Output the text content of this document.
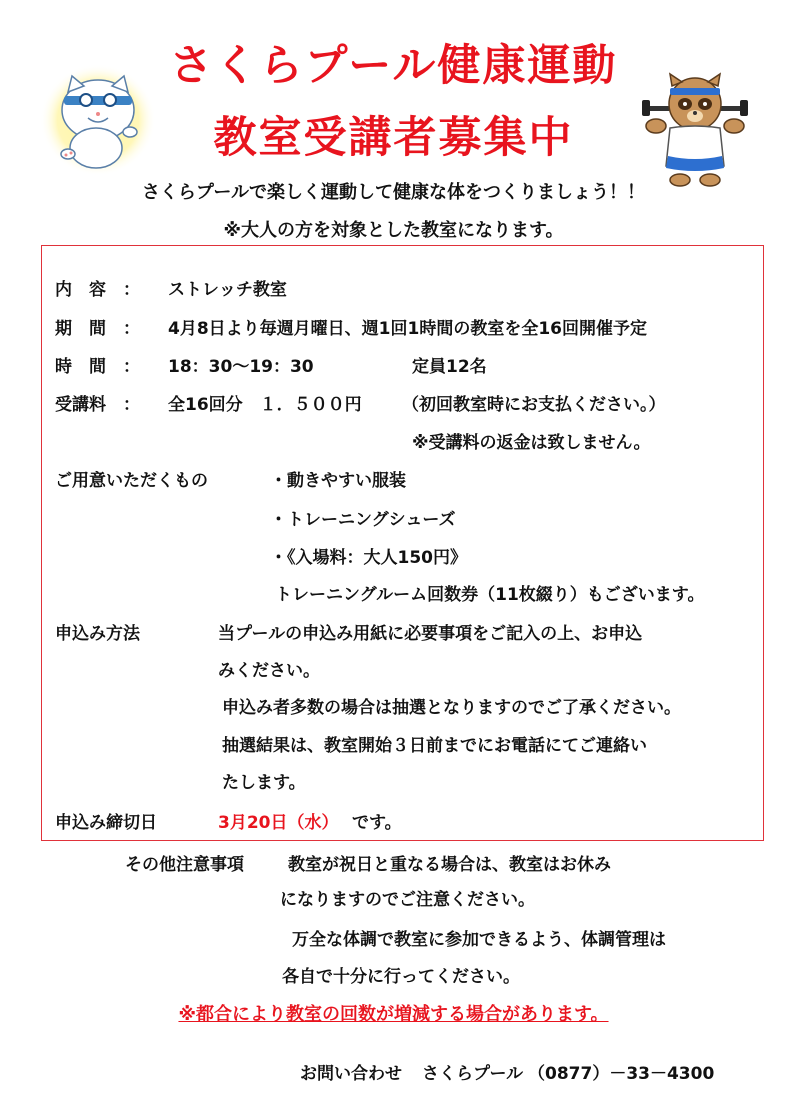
さくらプール健康運動
教室受講者募集中
さくらプールで楽しく運動して健康な体をつくりましょう！！
※大人の方を対象とした教室になります。
内　容　： ストレッチ教室
期　間　： 4月8日より毎週月曜日、週1回1時間の教室を全16回開催予定
時　間　： 18：30～19：30	定員12名
受講料　： 全16回分　１．５００円 （初回教室時にお支払ください。）
※受講料の返金は致しません。
ご用意いただくもの	・動きやすい服装
・トレーニングシューズ
・《入場料：大人150円》
トレーニングルーム回数券（11枚綴り）もございます。
申込み方法	当プールの申込み用紙に必要事項をご記入の上、お申込
みください。
申込み者多数の場合は抽選となりますのでご了承ください。
抽選結果は、教室開始３日前までにお電話にてご連絡い
たします。
申込み締切日	3月20日（水） です。
その他注意事項	教室が祝日と重なる場合は、教室はお休み
になりますのでご注意ください。
万全な体調で教室に参加できるよう、体調管理は
各自で十分に行ってください。
※都合により教室の回数が増減する場合があります。
お問い合わせ さくらプール （0877）－33－4300
